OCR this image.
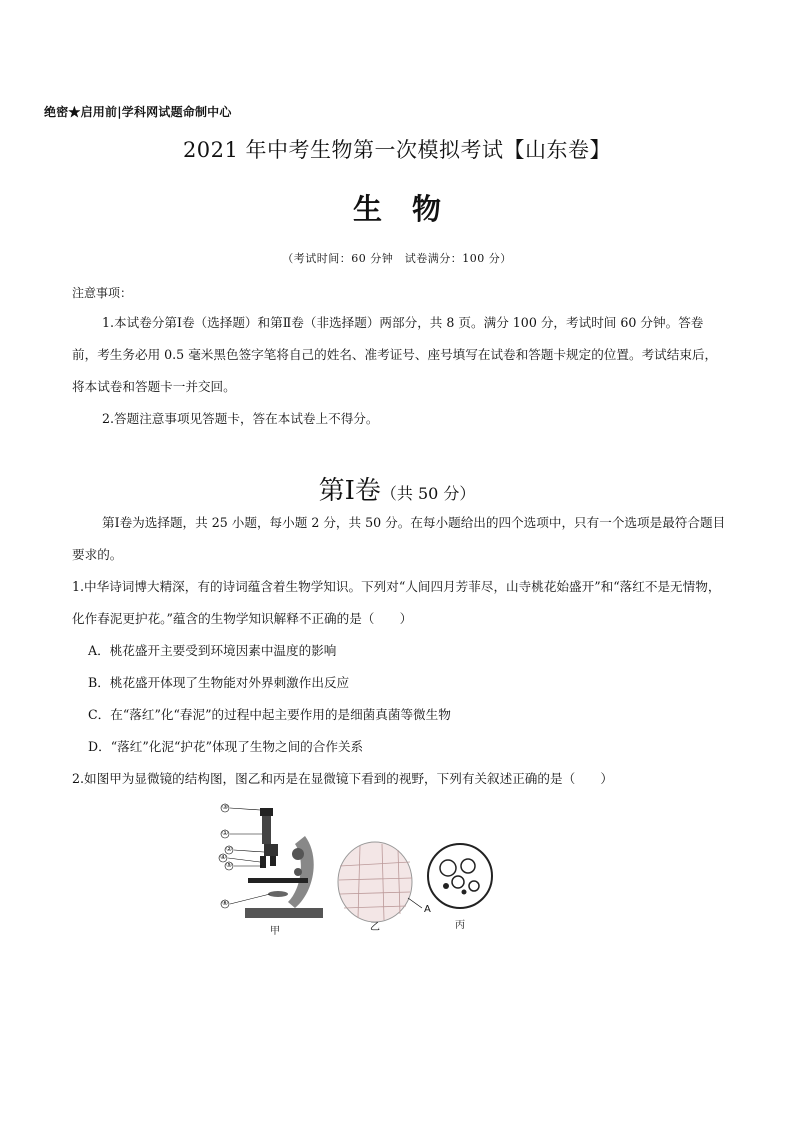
绝密★启用前|学科网试题命制中心
2021 年中考生物第一次模拟考试【山东卷】
生物
（考试时间：60 分钟　试卷满分：100 分）
注意事项：
1.本试卷分第Ⅰ卷（选择题）和第Ⅱ卷（非选择题）两部分，共 8 页。满分 100 分，考试时间 60 分钟。答卷前，考生务必用 0.5 毫米黑色签字笔将自己的姓名、准考证号、座号填写在试卷和答题卡规定的位置。考试结束后，将本试卷和答题卡一并交回。
2.答题注意事项见答题卡，答在本试卷上不得分。
第Ⅰ卷（共 50 分）
第Ⅰ卷为选择题，共 25 小题，每小题 2 分，共 50 分。在每小题给出的四个选项中，只有一个选项是最符合题目要求的。
1.中华诗词博大精深，有的诗词蕴含着生物学知识。下列对“人间四月芳菲尽，山寺桃花始盛开”和“落红不是无情物，化作春泥更护花。”蕴含的生物学知识解释不正确的是（　　）
A．桃花盛开主要受到环境因素中温度的影响
B．桃花盛开体现了生物能对外界刺激作出反应
C．在“落红”化“春泥”的过程中起主要作用的是细菌真菌等微生物
D．“落红”化泥“护花”体现了生物之间的合作关系
2.如图甲为显微镜的结构图，图乙和丙是在显微镜下看到的视野，下列有关叙述正确的是（　　）
甲	乙	丙
A
③
①
②
④
⑤
⑥
